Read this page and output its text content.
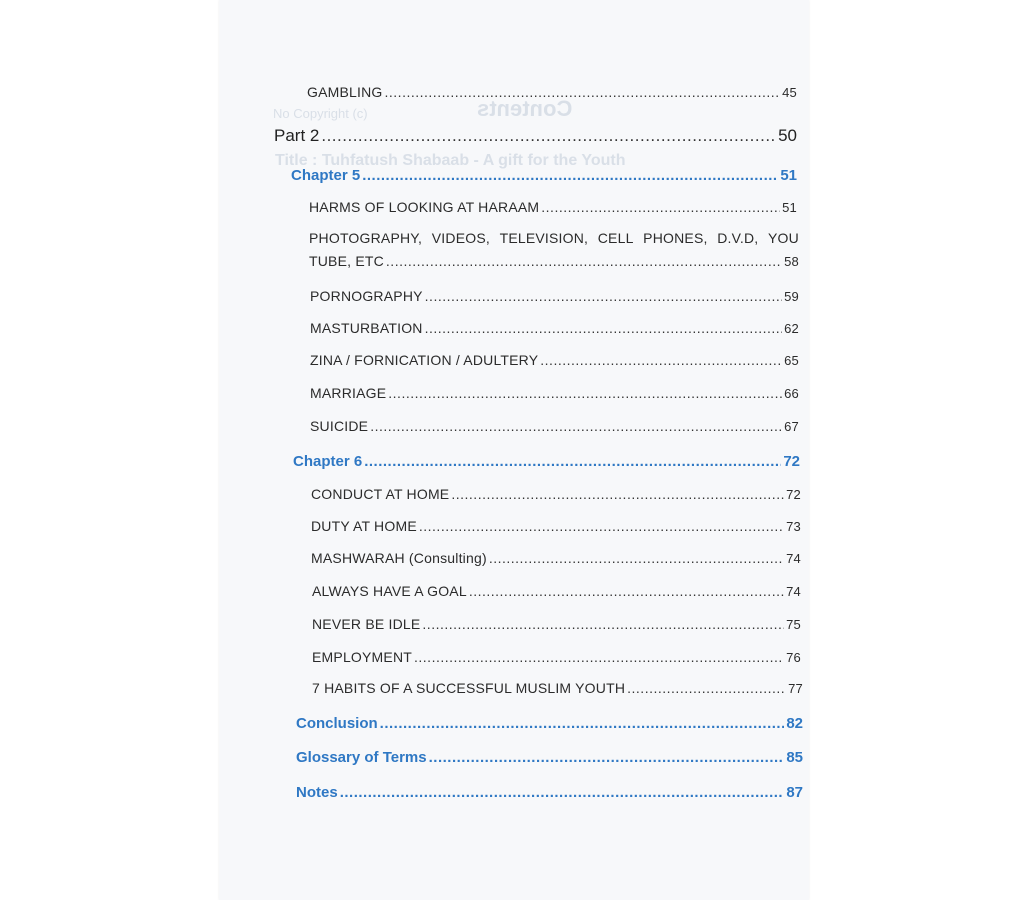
Contents
No Copyright (c)
Title : Tuhfatush Shabaab - A gift for the Youth
GAMBLING .....	45
Part 2 .....	50
Chapter 5 .....	51
HARMS OF LOOKING AT HARAAM .....	51
PHOTOGRAPHY, VIDEOS, TELEVISION, CELL PHONES, D.V.D, YOU
TUBE, ETC .....	58
PORNOGRAPHY .....	59
MASTURBATION .....	62
ZINA / FORNICATION / ADULTERY .....	65
MARRIAGE .....	66
SUICIDE .....	67
Chapter 6 .....	72
CONDUCT AT HOME .....	72
DUTY AT HOME .....	73
MASHWARAH (Consulting) .....	74
ALWAYS HAVE A GOAL .....	74
NEVER BE IDLE .....	75
EMPLOYMENT .....	76
7 HABITS OF A SUCCESSFUL MUSLIM YOUTH .....	77
Conclusion .....	82
Glossary of Terms .....	85
Notes .....	87
